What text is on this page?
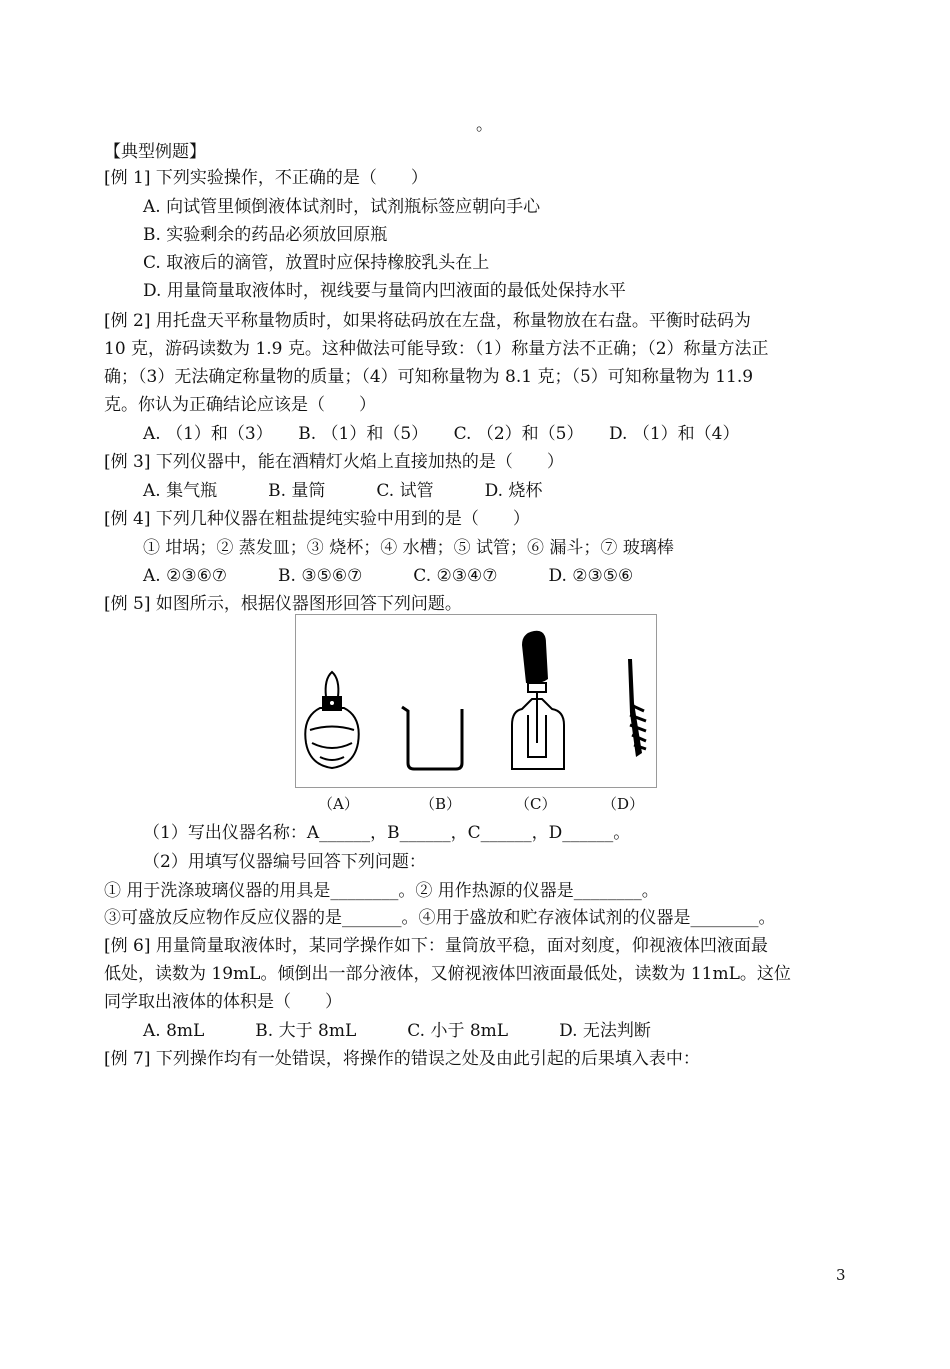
。
【典型例题】
[例 1] 下列实验操作，不正确的是（　　）
A. 向试管里倾倒液体试剂时，试剂瓶标签应朝向手心
B. 实验剩余的药品必须放回原瓶
C. 取液后的滴管，放置时应保持橡胶乳头在上
D. 用量筒量取液体时，视线要与量筒内凹液面的最低处保持水平
[例 2] 用托盘天平称量物质时，如果将砝码放在左盘，称量物放在右盘。平衡时砝码为
10 克，游码读数为 1.9 克。这种做法可能导致：（1）称量方法不正确；（2）称量方法正
确；（3）无法确定称量物的质量；（4）可知称量物为 8.1 克；（5）可知称量物为 11.9
克。你认为正确结论应该是（　　）
A. （1）和（3）　　B. （1）和（5）　　C. （2）和（5）　　D. （1）和（4）
[例 3] 下列仪器中，能在酒精灯火焰上直接加热的是（　　）
A. 集气瓶　　　B. 量筒　　　C. 试管　　　D. 烧杯
[例 4] 下列几种仪器在粗盐提纯实验中用到的是（　　）
① 坩埚；② 蒸发皿；③ 烧杯；④ 水槽；⑤ 试管；⑥ 漏斗；⑦ 玻璃棒
A. ②③⑥⑦　　　B. ③⑤⑥⑦　　　C. ②③④⑦　　　D. ②③⑤⑥
[例 5] 如图所示，根据仪器图形回答下列问题。
（A）	（B）	（C）	（D）
（1）写出仪器名称：A______，B______，C______，D______。
（2）用填写仪器编号回答下列问题：
① 用于洗涤玻璃仪器的用具是________。② 用作热源的仪器是________。
③可盛放反应物作反应仪器的是_______。④用于盛放和贮存液体试剂的仪器是________。
[例 6] 用量筒量取液体时，某同学操作如下：量筒放平稳，面对刻度，仰视液体凹液面最
低处，读数为 19mL。倾倒出一部分液体，又俯视液体凹液面最低处，读数为 11mL。这位
同学取出液体的体积是（　　）
A. 8mL　　　B. 大于 8mL　　　C. 小于 8mL　　　D. 无法判断
[例 7] 下列操作均有一处错误，将操作的错误之处及由此引起的后果填入表中：
3
